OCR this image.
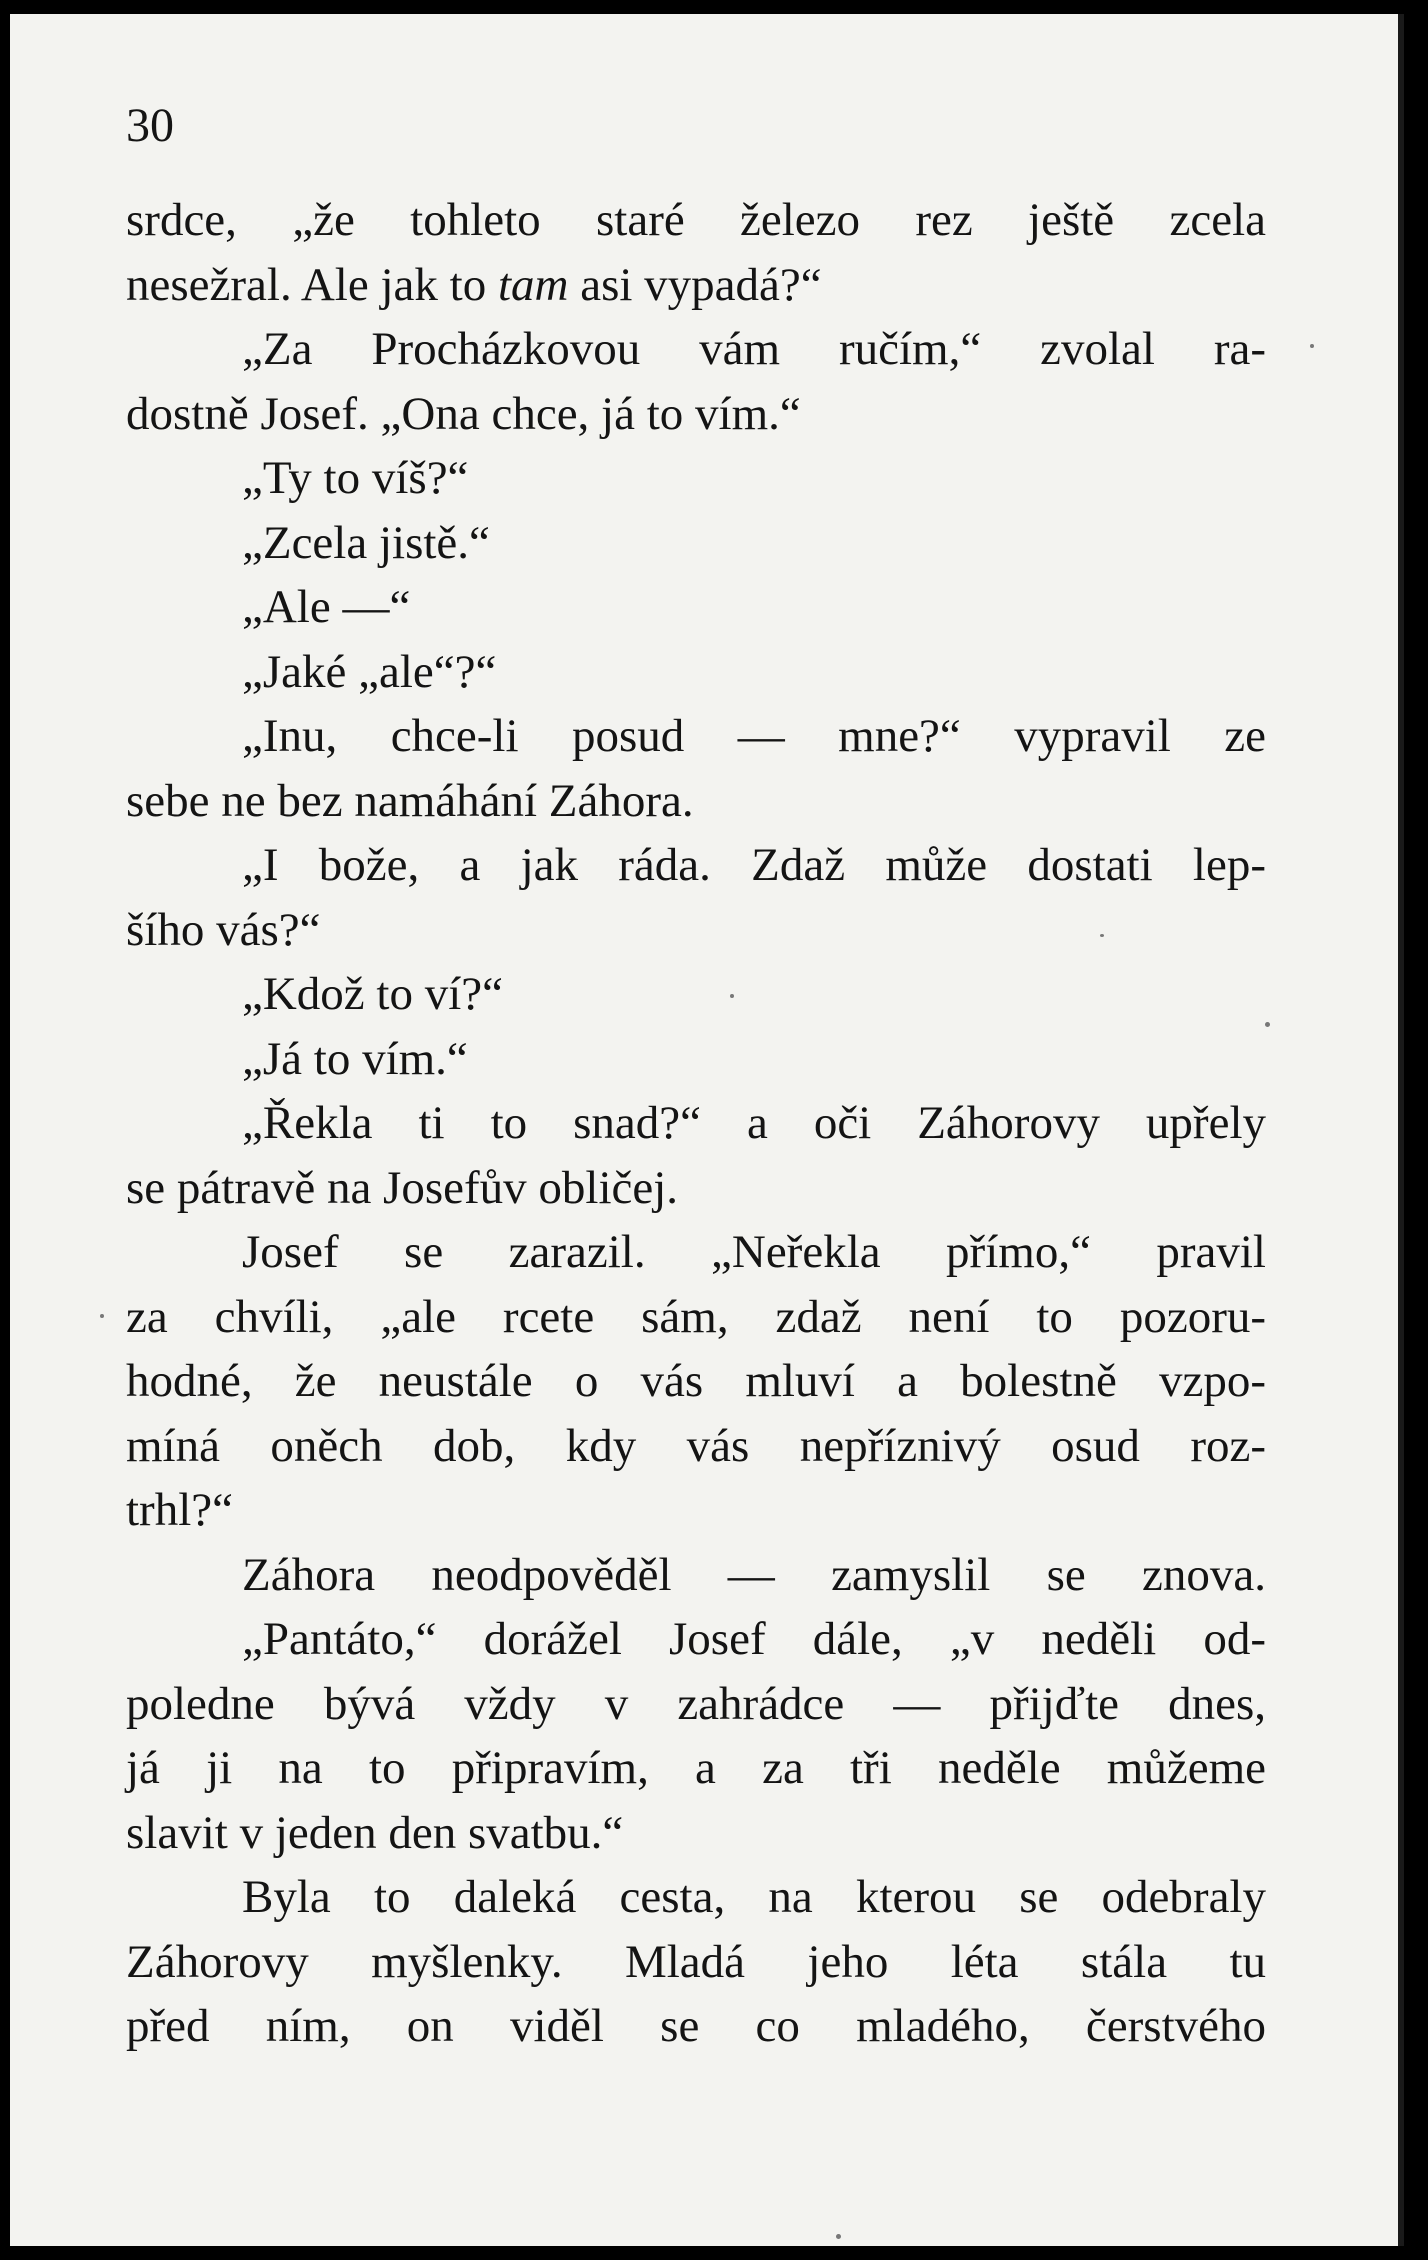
30
srdce, „že tohleto staré železo rez ještě zcela
nesežral. Ale jak to tam asi vypadá?“
„Za Procházkovou vám ručím,“ zvolal ra-
dostně Josef. „Ona chce, já to vím.“
„Ty to víš?“
„Zcela jistě.“
„Ale —“
„Jaké „ale“?“
„Inu, chce-li posud — mne?“ vypravil ze
sebe ne bez namáhání Záhora.
„I bože, a jak ráda. Zdaž může dostati lep-
šího vás?“
„Kdož to ví?“
„Já to vím.“
„Řekla ti to snad?“ a oči Záhorovy upřely
se pátravě na Josefův obličej.
Josef se zarazil. „Neřekla přímo,“ pravil
za chvíli, „ale rcete sám, zdaž není to pozoru-
hodné, že neustále o vás mluví a bolestně vzpo-
míná oněch dob, kdy vás nepříznivý osud roz-
trhl?“
Záhora neodpověděl — zamyslil se znova.
„Pantáto,“ dorážel Josef dále, „v neděli od-
poledne bývá vždy v zahrádce — přijďte dnes,
já ji na to připravím, a za tři neděle můžeme
slavit v jeden den svatbu.“
Byla to daleká cesta, na kterou se odebraly
Záhorovy myšlenky. Mladá jeho léta stála tu
před ním, on viděl se co mladého, čerstvého
